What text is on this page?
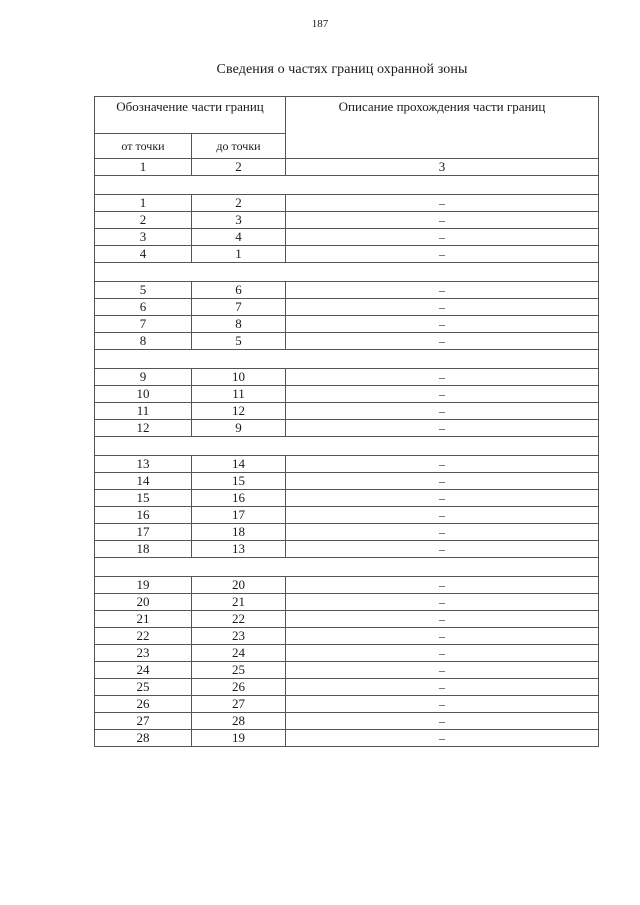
187
Сведения о частях границ охранной зоны
Обозначение части границ		Описание прохождения части границ
от точки	до точки	
1	2	3

1	2	–
2	3	–
3	4	–
4	1	–

5	6	–
6	7	–
7	8	–
8	5	–

9	10	–
10	11	–
11	12	–
12	9	–

13	14	–
14	15	–
15	16	–
16	17	–
17	18	–
18	13	–

19	20	–
20	21	–
21	22	–
22	23	–
23	24	–
24	25	–
25	26	–
26	27	–
27	28	–
28	19	–
